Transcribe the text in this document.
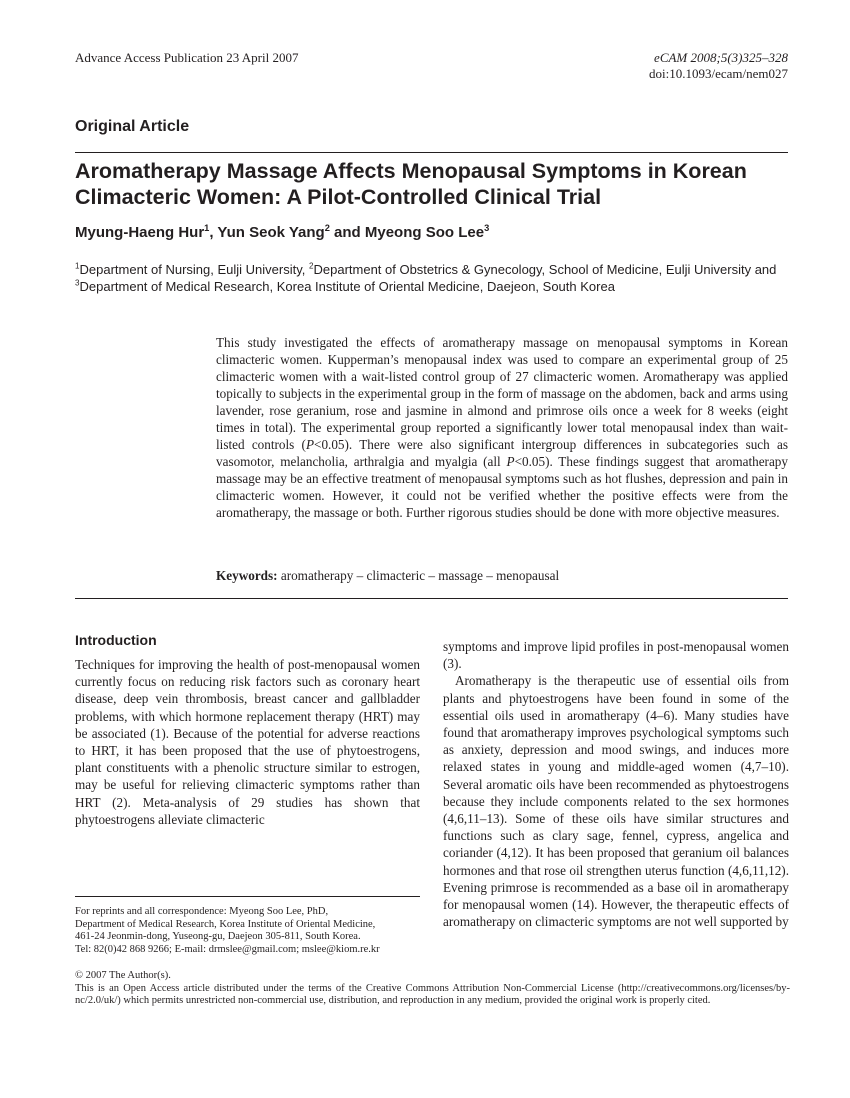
Advance Access Publication 23 April 2007	eCAM 2008;5(3)325–328
doi:10.1093/ecam/nem027
Original Article
Aromatherapy Massage Affects Menopausal Symptoms in Korean Climacteric Women: A Pilot-Controlled Clinical Trial
Myung-Haeng Hur$^1$, Yun Seok Yang$^2$ and Myeong Soo Lee$^3$
$^1$Department of Nursing, Eulji University, $^2$Department of Obstetrics & Gynecology, School of Medicine, Eulji University and $^3$Department of Medical Research, Korea Institute of Oriental Medicine, Daejeon, South Korea
This study investigated the effects of aromatherapy massage on menopausal symptoms in Korean climacteric women. Kupperman’s menopausal index was used to compare an experimental group of 25 climacteric women with a wait-listed control group of 27 climacteric women. Aromatherapy was applied topically to subjects in the experimental group in the form of massage on the abdomen, back and arms using lavender, rose geranium, rose and jasmine in almond and primrose oils once a week for 8 weeks (eight times in total). The experimental group reported a significantly lower total menopausal index than wait-listed controls (P<0.05). There were also significant intergroup differences in subcategories such as vasomotor, melancholia, arthralgia and myalgia (all P<0.05). These findings suggest that aromatherapy massage may be an effective treatment of menopausal symptoms such as hot flushes, depression and pain in climacteric women. However, it could not be verified whether the positive effects were from the aromatherapy, the massage or both. Further rigorous studies should be done with more objective measures.
Keywords: aromatherapy – climacteric – massage – menopausal
Introduction
Techniques for improving the health of post-menopausal women currently focus on reducing risk factors such as coronary heart disease, deep vein thrombosis, breast cancer and gallbladder problems, with which hormone replacement therapy (HRT) may be associated (1). Because of the potential for adverse reactions to HRT, it has been proposed that the use of phytoestrogens, plant constituents with a phenolic structure similar to estrogen, may be useful for relieving climacteric symptoms rather than HRT (2). Meta-analysis of 29 studies has shown that phytoestrogens alleviate climacteric

symptoms and improve lipid profiles in post-menopausal women (3).

Aromatherapy is the therapeutic use of essential oils from plants and phytoestrogens have been found in some of the essential oils used in aromatherapy (4–6). Many studies have found that aromatherapy improves psychological symptoms such as anxiety, depression and mood swings, and induces more relaxed states in young and middle-aged women (4,7–10). Several aromatic oils have been recommended as phytoestrogens because they include components related to the sex hormones (4,6,11–13). Some of these oils have similar structures and functions such as clary sage, fennel, cypress, angelica and coriander (4,12). It has been proposed that geranium oil balances hormones and that rose oil strengthen uterus function (4,6,11,12). Evening primrose is recommended as a base oil in aromatherapy for menopausal women (14). However, the therapeutic effects of aromatherapy on climacteric symptoms are not well supported by

For reprints and all correspondence: Myeong Soo Lee, PhD,
Department of Medical Research, Korea Institute of Oriental Medicine,
461-24 Jeonmin-dong, Yuseong-gu, Daejeon 305-811, South Korea.
Tel: 82(0)42 868 9266; E-mail: drmslee@gmail.com; mslee@kiom.re.kr
© 2007 The Author(s).
This is an Open Access article distributed under the terms of the Creative Commons Attribution Non-Commercial License (http://creativecommons.org/licenses/by-nc/2.0/uk/) which permits unrestricted non-commercial use, distribution, and reproduction in any medium, provided the original work is properly cited.
